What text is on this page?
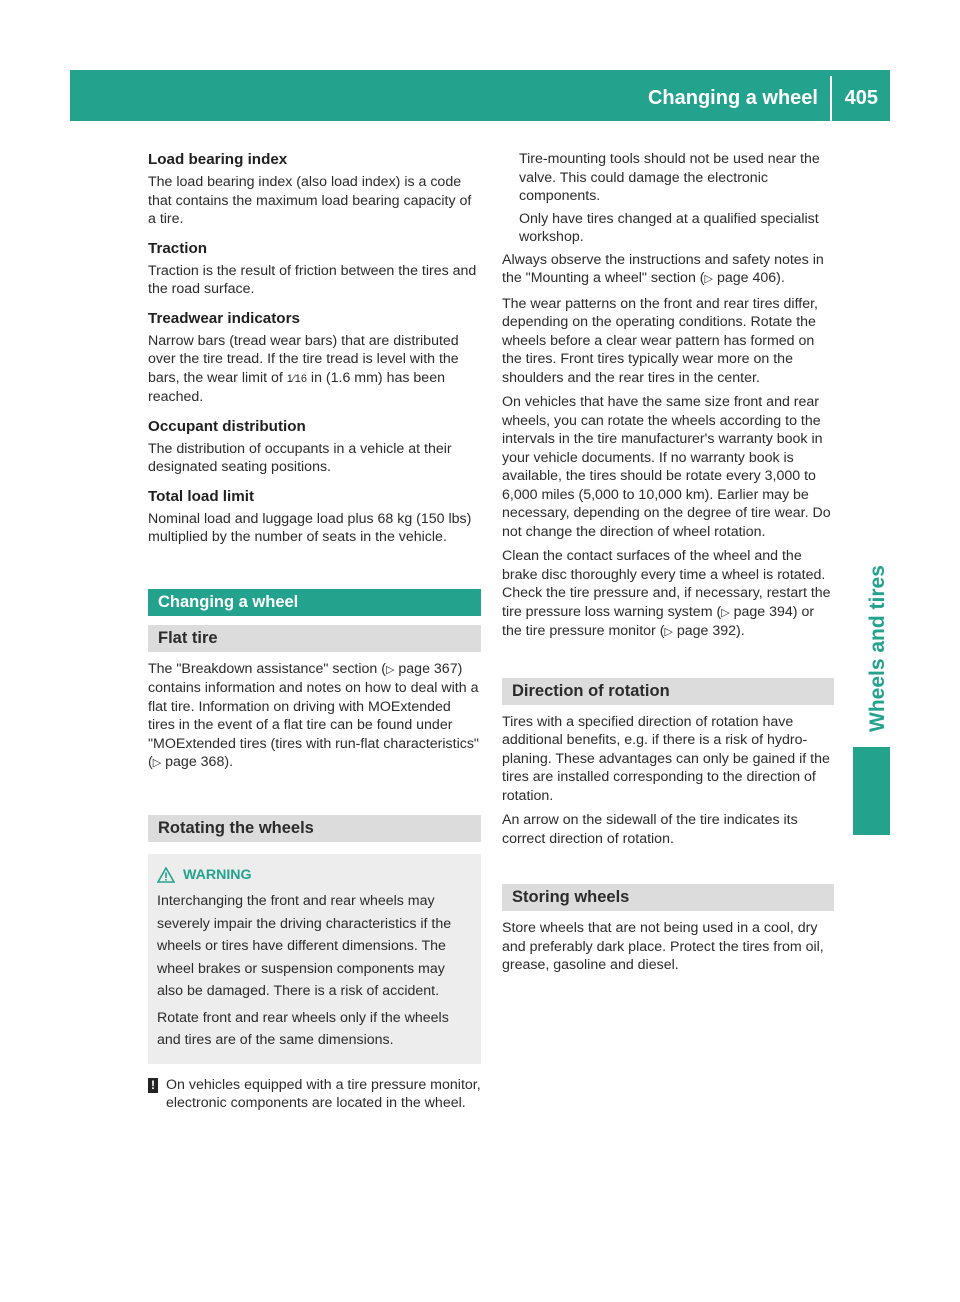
Changing a wheel 405
Wheels and tires
Load bearing index

The load bearing index (also load index) is a code that contains the maximum load bearing capacity of a tire.

Traction

Traction is the result of friction between the tires and the road surface.

Treadwear indicators

Narrow bars (tread wear bars) that are distributed over the tire tread. If the tire tread is level with the bars, the wear limit of 1⁄16 in (1.6 mm) has been reached.

Occupant distribution

The distribution of occupants in a vehicle at their designated seating positions.

Total load limit

Nominal load and luggage load plus 68 kg (150 lbs) multiplied by the number of seats in the vehicle.

Changing a wheel
Flat tire

The "Breakdown assistance" section (▷ page 367) contains information and notes on how to deal with a flat tire. Information on driving with MOExtended tires in the event of a flat tire can be found under "MOExtended tires (tires with run-flat characteristics" (▷ page 368).

Rotating the wheels
WARNING

Interchanging the front and rear wheels may severely impair the driving characteristics if the wheels or tires have different dimensions. The wheel brakes or suspension components may also be damaged. There is a risk of accident.

Rotate front and rear wheels only if the wheels and tires are of the same dimensions.

! On vehicles equipped with a tire pressure monitor, electronic components are located in the wheel.

Tire-mounting tools should not be used near the valve. This could damage the electronic components.

Only have tires changed at a qualified specialist workshop.

Always observe the instructions and safety notes in the "Mounting a wheel" section (▷ page 406).

The wear patterns on the front and rear tires differ, depending on the operating conditions. Rotate the wheels before a clear wear pattern has formed on the tires. Front tires typically wear more on the shoulders and the rear tires in the center.

On vehicles that have the same size front and rear wheels, you can rotate the wheels according to the intervals in the tire manufacturer's warranty book in your vehicle documents. If no warranty book is available, the tires should be rotate every 3,000 to 6,000 miles (5,000 to 10,000 km). Earlier may be necessary, depending on the degree of tire wear. Do not change the direction of wheel rotation.

Clean the contact surfaces of the wheel and the brake disc thoroughly every time a wheel is rotated. Check the tire pressure and, if necessary, restart the tire pressure loss warning system (▷ page 394) or the tire pressure monitor (▷ page 392).

Direction of rotation

Tires with a specified direction of rotation have additional benefits, e.g. if there is a risk of hydroplaning. These advantages can only be gained if the tires are installed corresponding to the direction of rotation.

An arrow on the sidewall of the tire indicates its correct direction of rotation.

Storing wheels

Store wheels that are not being used in a cool, dry and preferably dark place. Protect the tires from oil, grease, gasoline and diesel.
